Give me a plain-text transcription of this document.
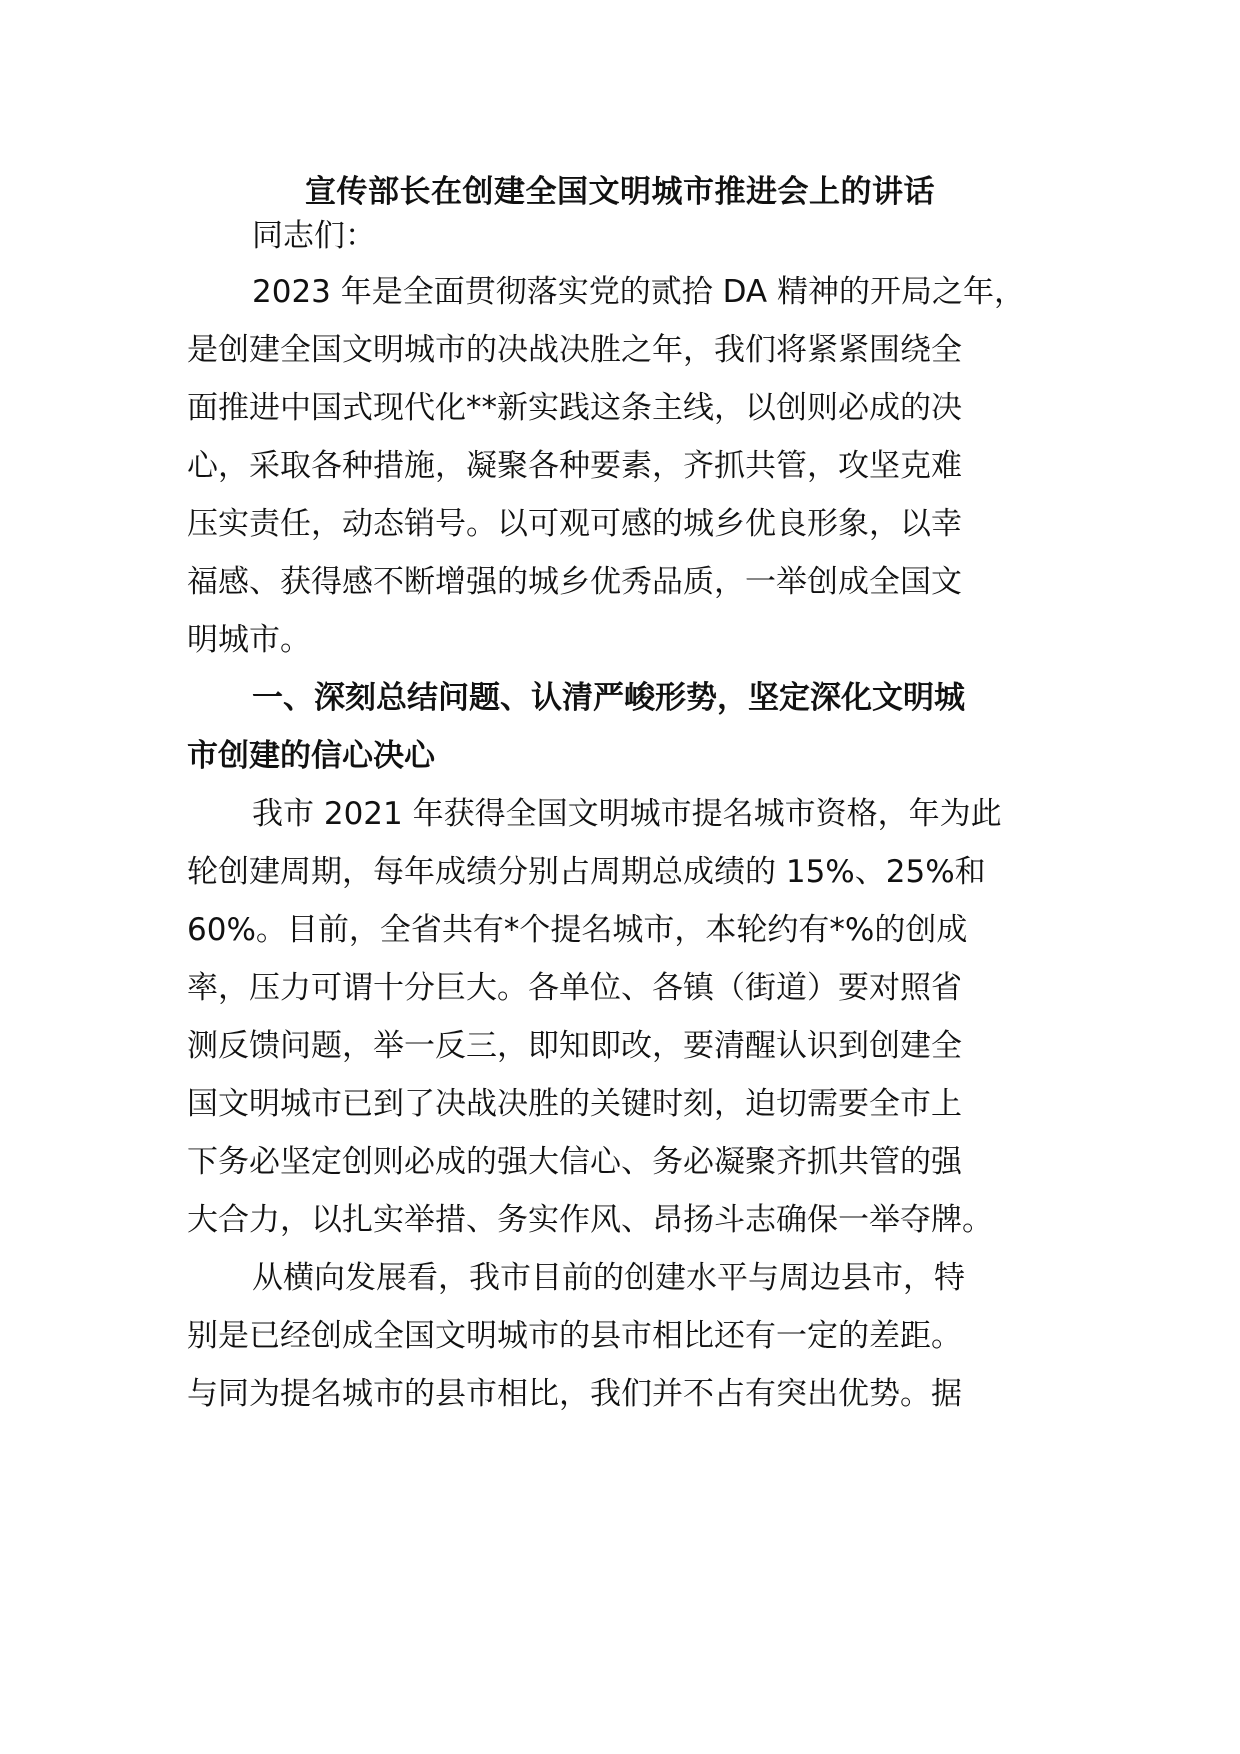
宣传部长在创建全国文明城市推进会上的讲话
同志们：
2023 年是全面贯彻落实党的贰拾 DA 精神的开局之年，
是创建全国文明城市的决战决胜之年，我们将紧紧围绕全
面推进中国式现代化**新实践这条主线，以创则必成的决
心，采取各种措施，凝聚各种要素，齐抓共管，攻坚克难
压实责任，动态销号。以可观可感的城乡优良形象，以幸
福感、获得感不断增强的城乡优秀品质，一举创成全国文
明城市。
一、深刻总结问题、认清严峻形势，坚定深化文明城
市创建的信心决心
我市 2021 年获得全国文明城市提名城市资格，年为此
轮创建周期，每年成绩分别占周期总成绩的 15%、25%和
60%。目前，全省共有*个提名城市，本轮约有*%的创成
率，压力可谓十分巨大。各单位、各镇（街道）要对照省
测反馈问题，举一反三，即知即改，要清醒认识到创建全
国文明城市已到了决战决胜的关键时刻，迫切需要全市上
下务必坚定创则必成的强大信心、务必凝聚齐抓共管的强
大合力，以扎实举措、务实作风、昂扬斗志确保一举夺牌。
从横向发展看，我市目前的创建水平与周边县市，特
别是已经创成全国文明城市的县市相比还有一定的差距。
与同为提名城市的县市相比，我们并不占有突出优势。据
